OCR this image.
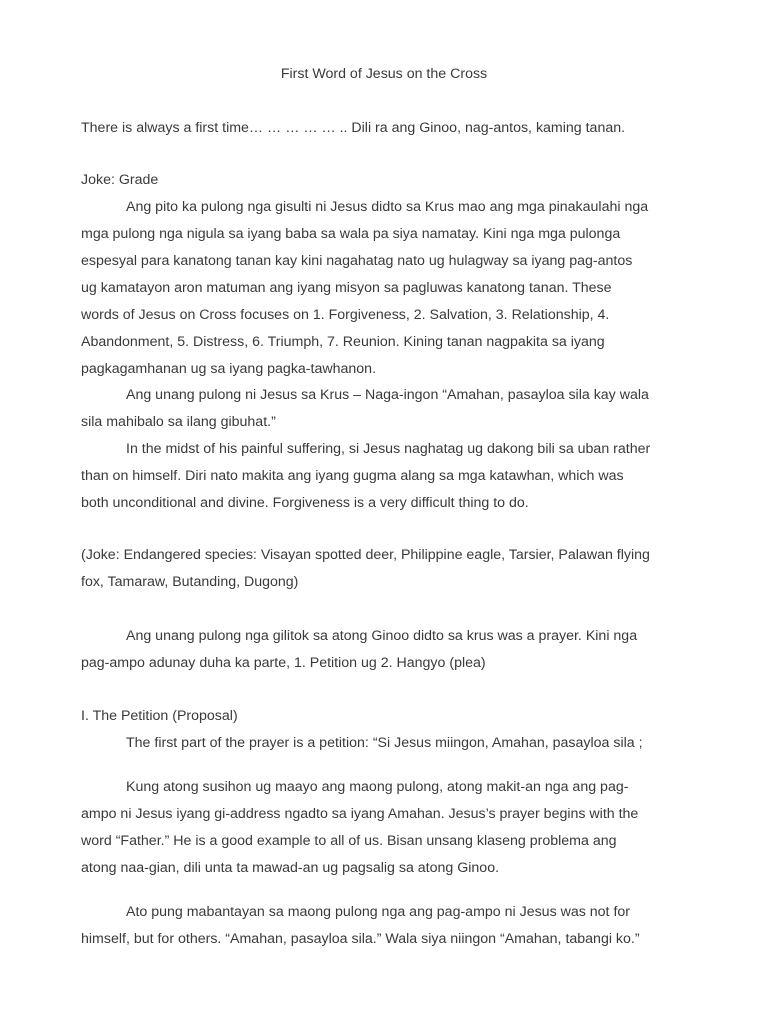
First Word of Jesus on the Cross
There is always a first time… … … … … .. Dili ra ang Ginoo, nag-antos, kaming tanan.
Joke: Grade
Ang pito ka pulong nga gisulti ni Jesus didto sa Krus mao ang mga pinakaulahi nga
mga pulong nga nigula sa iyang baba sa wala pa siya namatay. Kini nga mga pulonga
espesyal para kanatong tanan kay kini nagahatag nato ug hulagway sa iyang pag-antos
ug kamatayon aron matuman ang iyang misyon sa pagluwas kanatong tanan. These
words of Jesus on Cross focuses on 1. Forgiveness, 2. Salvation, 3. Relationship, 4.
Abandonment, 5. Distress, 6. Triumph, 7. Reunion. Kining tanan nagpakita sa iyang
pagkagamhanan ug sa iyang pagka-tawhanon.
Ang unang pulong ni Jesus sa Krus – Naga-ingon “Amahan, pasayloa sila kay wala
sila mahibalo sa ilang gibuhat.”
In the midst of his painful suffering, si Jesus naghatag ug dakong bili sa uban rather
than on himself. Diri nato makita ang iyang gugma alang sa mga katawhan, which was
both unconditional and divine. Forgiveness is a very difficult thing to do.
(Joke: Endangered species: Visayan spotted deer, Philippine eagle, Tarsier, Palawan flying
fox, Tamaraw, Butanding, Dugong)
Ang unang pulong nga gilitok sa atong Ginoo didto sa krus was a prayer. Kini nga
pag-ampo adunay duha ka parte, 1. Petition ug 2. Hangyo (plea)
I. The Petition (Proposal)
The first part of the prayer is a petition: “Si Jesus miingon, Amahan, pasayloa sila ;
Kung atong susihon ug maayo ang maong pulong, atong makit-an nga ang pag-
ampo ni Jesus iyang gi-address ngadto sa iyang Amahan. Jesus’s prayer begins with the
word “Father.” He is a good example to all of us. Bisan unsang klaseng problema ang
atong naa-gian, dili unta ta mawad-an ug pagsalig sa atong Ginoo.
Ato pung mabantayan sa maong pulong nga ang pag-ampo ni Jesus was not for
himself, but for others. “Amahan, pasayloa sila.” Wala siya niingon “Amahan, tabangi ko.”
